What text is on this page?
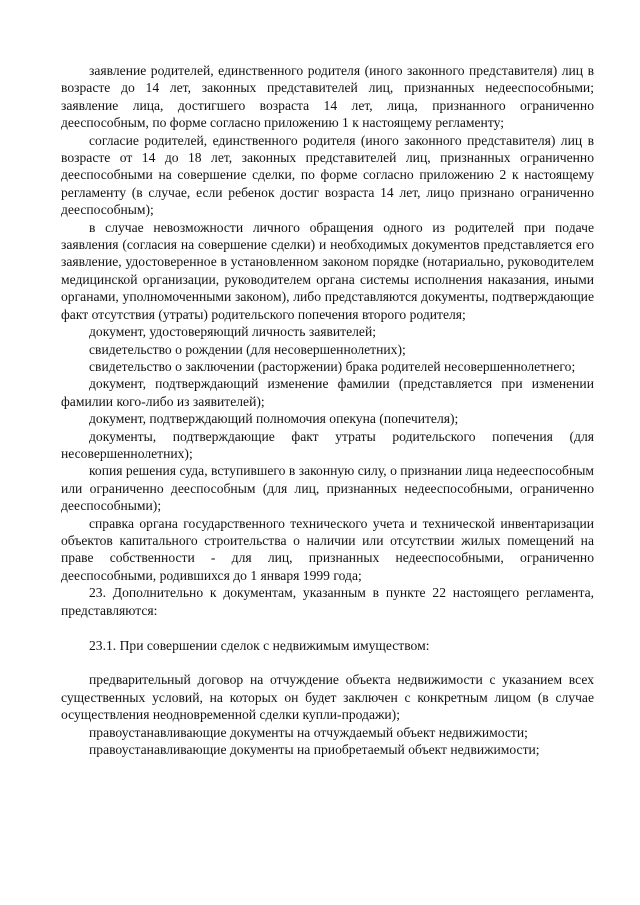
заявление родителей, единственного родителя (иного законного представителя) лиц в возрасте до 14 лет, законных представителей лиц, признанных недееспособными; заявление лица, достигшего возраста 14 лет, лица, признанного ограниченно дееспособным, по форме согласно приложению 1 к настоящему регламенту;

согласие родителей, единственного родителя (иного законного представителя) лиц в возрасте от 14 до 18 лет, законных представителей лиц, признанных ограниченно дееспособными на совершение сделки, по форме согласно приложению 2 к настоящему регламенту (в случае, если ребенок достиг возраста 14 лет, лицо признано ограниченно дееспособным);

в случае невозможности личного обращения одного из родителей при подаче заявления (согласия на совершение сделки) и необходимых документов представляется его заявление, удостоверенное в установленном законом порядке (нотариально, руководителем медицинской организации, руководителем органа системы исполнения наказания, иными органами, уполномоченными законом), либо представляются документы, подтверждающие факт отсутствия (утраты) родительского попечения второго родителя;

документ, удостоверяющий личность заявителей;

свидетельство о рождении (для несовершеннолетних);

свидетельство о заключении (расторжении) брака родителей несовершеннолетнего;

документ, подтверждающий изменение фамилии (представляется при изменении фамилии кого-либо из заявителей);

документ, подтверждающий полномочия опекуна (попечителя);

документы, подтверждающие факт утраты родительского попечения (для несовершеннолетних);

копия решения суда, вступившего в законную силу, о признании лица недееспособным или ограниченно дееспособным (для лиц, признанных недееспособными, ограниченно дееспособными);

справка органа государственного технического учета и технической инвентаризации объектов капитального строительства о наличии или отсутствии жилых помещений на праве собственности - для лиц, признанных недееспособными, ограниченно дееспособными, родившихся до 1 января 1999 года;

23. Дополнительно к документам, указанным в пункте 22 настоящего регламента, представляются:

23.1. При совершении сделок с недвижимым имуществом:

предварительный договор на отчуждение объекта недвижимости с указанием всех существенных условий, на которых он будет заключен с конкретным лицом (в случае осуществления неодновременной сделки купли-продажи);

правоустанавливающие документы на отчуждаемый объект недвижимости;

правоустанавливающие документы на приобретаемый объект недвижимости;
